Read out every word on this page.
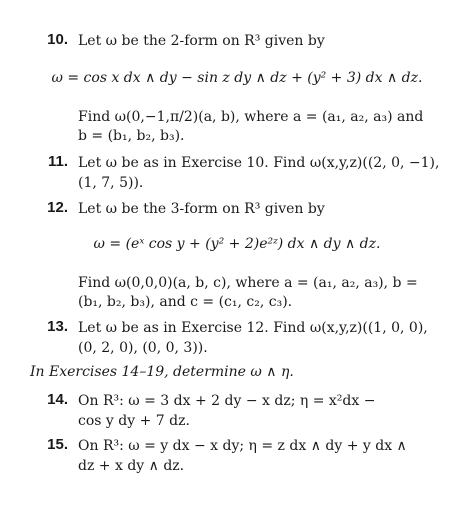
10. Let ω be the 2-form on R³ given by
ω = cos x dx ∧ dy − sin z dy ∧ dz + (y² + 3) dx ∧ dz.
Find ω(0,−1,π/2)(a, b), where a = (a₁, a₂, a₃) and
b = (b₁, b₂, b₃).
11. Let ω be as in Exercise 10. Find ω(x,y,z)((2, 0, −1),
(1, 7, 5)).
12. Let ω be the 3-form on R³ given by
ω = (eˣ cos y + (y² + 2)e²ᶻ) dx ∧ dy ∧ dz.
Find ω(0,0,0)(a, b, c), where a = (a₁, a₂, a₃), b =
(b₁, b₂, b₃), and c = (c₁, c₂, c₃).
13. Let ω be as in Exercise 12. Find ω(x,y,z)((1, 0, 0),
(0, 2, 0), (0, 0, 3)).
In Exercises 14–19, determine ω ∧ η.
14. On R³: ω = 3 dx + 2 dy − x dz; η = x²dx −
cos y dy + 7 dz.
15. On R³: ω = y dx − x dy; η = z dx ∧ dy + y dx ∧
dz + x dy ∧ dz.
